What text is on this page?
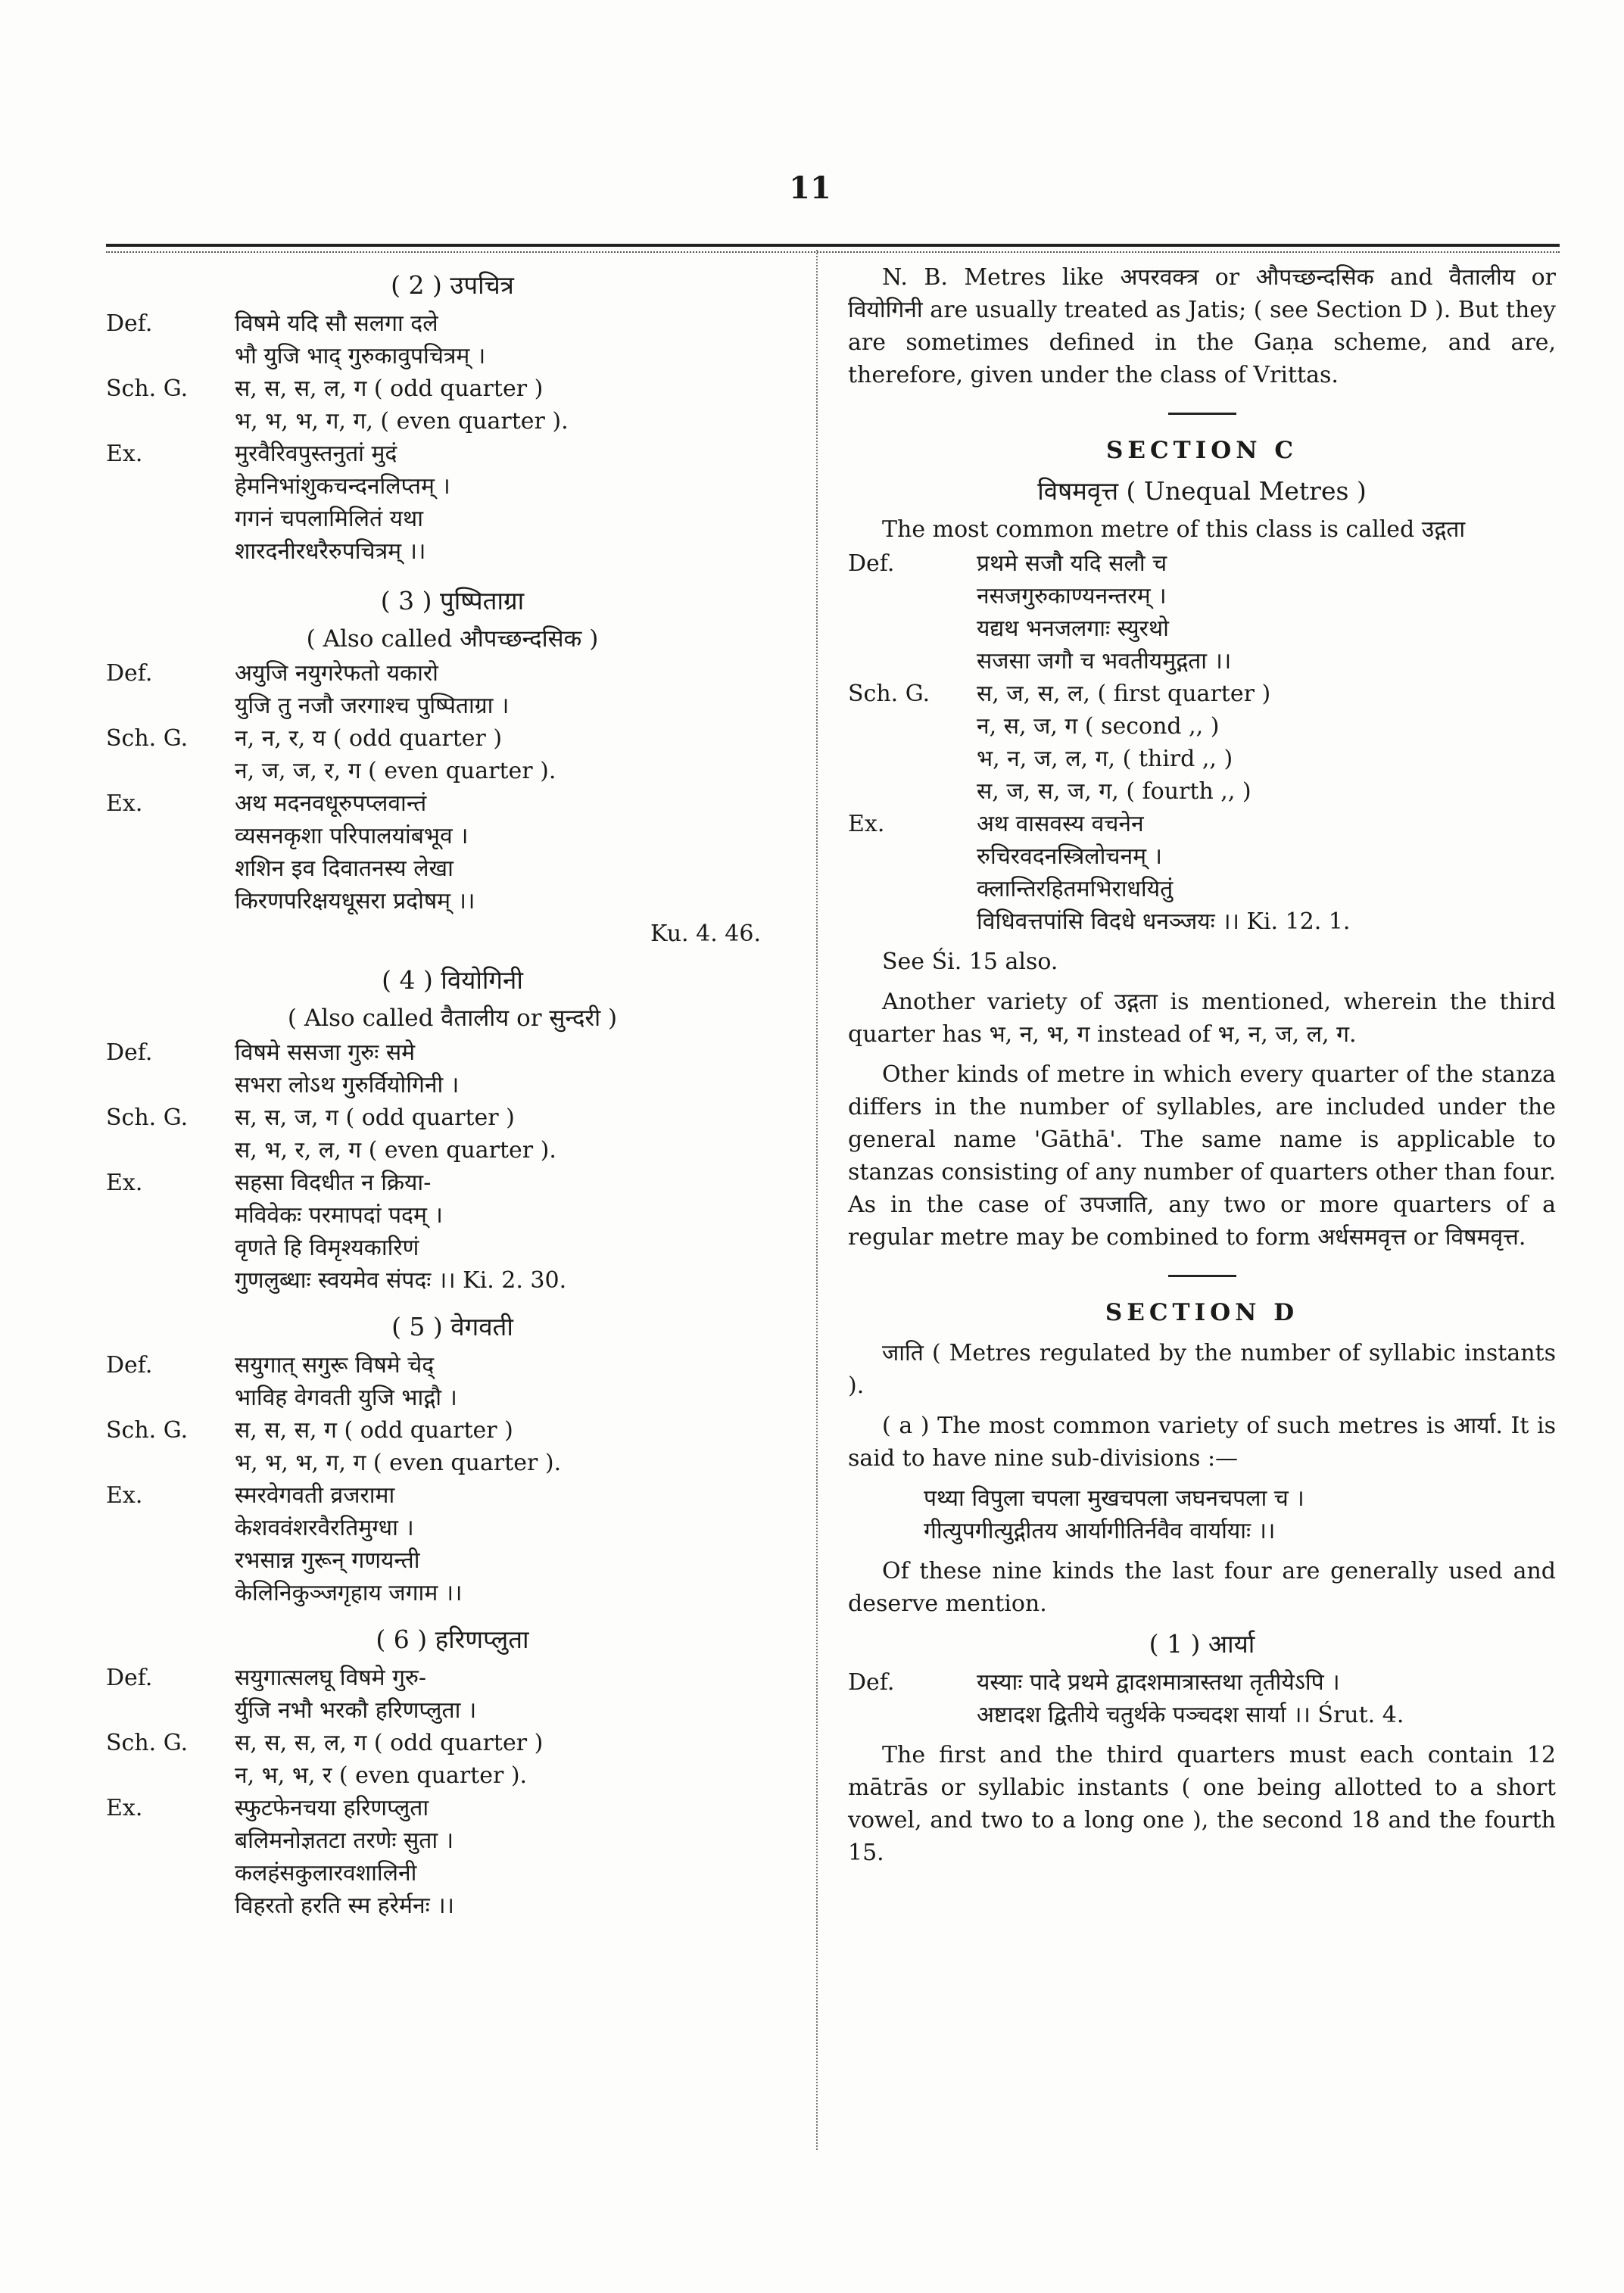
11
( 2 ) उपचित्र
Def.	विषमे यदि सौ सलगा दले
भौ युजि भाद् गुरुकावुपचित्रम् ।
Sch. G.	स, स, स, ल, ग ( odd quarter )
भ, भ, भ, ग, ग, ( even quarter ).
Ex.	मुरवैरिवपुस्तनुतां मुदं
हेमनिभांशुकचन्दनलिप्तम् ।
गगनं चपलामिलितं यथा
शारदनीरधरैरुपचित्रम् ।।
( 3 ) पुष्पिताग्रा
( Also called औपच्छन्दसिक )
Def.	अयुजि नयुगरेफतो यकारो
युजि तु नजौ जरगाश्च पुष्पिताग्रा ।
Sch. G.	न, न, र, य ( odd quarter )
न, ज, ज, र, ग ( even quarter ).
Ex.	अथ मदनवधूरुपप्लवान्तं
व्यसनकृशा परिपालयांबभूव ।
शशिन इव दिवातनस्य लेखा
किरणपरिक्षयधूसरा प्रदोषम् ।।
Ku. 4. 46.
( 4 ) वियोगिनी
( Also called वैतालीय or सुन्दरी )
Def.	विषमे ससजा गुरुः समे
सभरा लोऽथ गुरुर्वियोगिनी ।
Sch. G.	स, स, ज, ग ( odd quarter )
स, भ, र, ल, ग ( even quarter ).
Ex.	सहसा विदधीत न क्रिया-
मविवेकः परमापदां पदम् ।
वृणते हि विमृश्यकारिणं
गुणलुब्धाः स्वयमेव संपदः ।। Ki. 2. 30.
( 5 ) वेगवती
Def.	सयुगात् सगुरू विषमे चेद्
भाविह वेगवती युजि भाद्गौ ।
Sch. G.	स, स, स, ग ( odd quarter )
भ, भ, भ, ग, ग ( even quarter ).
Ex.	स्मरवेगवती व्रजरामा
केशववंशरवैरतिमुग्धा ।
रभसान्न गुरून् गणयन्ती
केलिनिकुञ्जगृहाय जगाम ।।
( 6 ) हरिणप्लुता
Def.	सयुगात्सलघू विषमे गुरु-
र्युजि नभौ भरकौ हरिणप्लुता ।
Sch. G.	स, स, स, ल, ग ( odd quarter )
न, भ, भ, र ( even quarter ).
Ex.	स्फुटफेनचया हरिणप्लुता
बलिमनोज्ञतटा तरणेः सुता ।
कलहंसकुलारवशालिनी
विहरतो हरति स्म हरेर्मनः ।।
N. B. Metres like अपरवक्त्र or औपच्छन्दसिक and वैतालीय or वियोगिनी are usually treated as Jatis; ( see Section D ). But they are sometimes defined in the Gaṇa scheme, and are, therefore, given under the class of Vrittas.
SECTION C
विषमवृत्त ( Unequal Metres )
The most common metre of this class is called उद्गता
Def.	प्रथमे सजौ यदि सलौ च
नसजगुरुकाण्यनन्तरम् ।
यद्यथ भनजलगाः स्युरथो
सजसा जगौ च भवतीयमुद्गता ।।
Sch. G.	स, ज, स, ल, ( first quarter )
न, स, ज, ग ( second ,, )
भ, न, ज, ल, ग, ( third ,, )
स, ज, स, ज, ग, ( fourth ,, )
Ex.	अथ वासवस्य वचनेन
रुचिरवदनस्त्रिलोचनम् ।
क्लान्तिरहितमभिराधयितुं
विधिवत्तपांसि विदधे धनञ्जयः ।। Ki. 12. 1.
See Śi. 15 also.
Another variety of उद्गता is mentioned, wherein the third quarter has भ, न, भ, ग instead of भ, न, ज, ल, ग.
Other kinds of metre in which every quarter of the stanza differs in the number of syllables, are included under the general name 'Gāthā'. The same name is applicable to stanzas consisting of any number of quarters other than four. As in the case of उपजाति, any two or more quarters of a regular metre may be combined to form अर्धसमवृत्त or विषमवृत्त.
SECTION D
जाति ( Metres regulated by the number of syllabic instants ).
( a ) The most common variety of such metres is आर्या. It is said to have nine sub-divisions :—
पथ्या विपुला चपला मुखचपला जघनचपला च ।
गीत्युपगीत्युद्गीतय आर्यागीतिर्नवैव वार्यायाः ।।
Of these nine kinds the last four are generally used and deserve mention.
( 1 ) आर्या
Def.	यस्याः पादे प्रथमे द्वादशमात्रास्तथा तृतीयेऽपि ।
अष्टादश द्वितीये चतुर्थके पञ्चदश सार्या ।। Śrut. 4.
The first and the third quarters must each contain 12 mātrās or syllabic instants ( one being allotted to a short vowel, and two to a long one ), the second 18 and the fourth 15.
